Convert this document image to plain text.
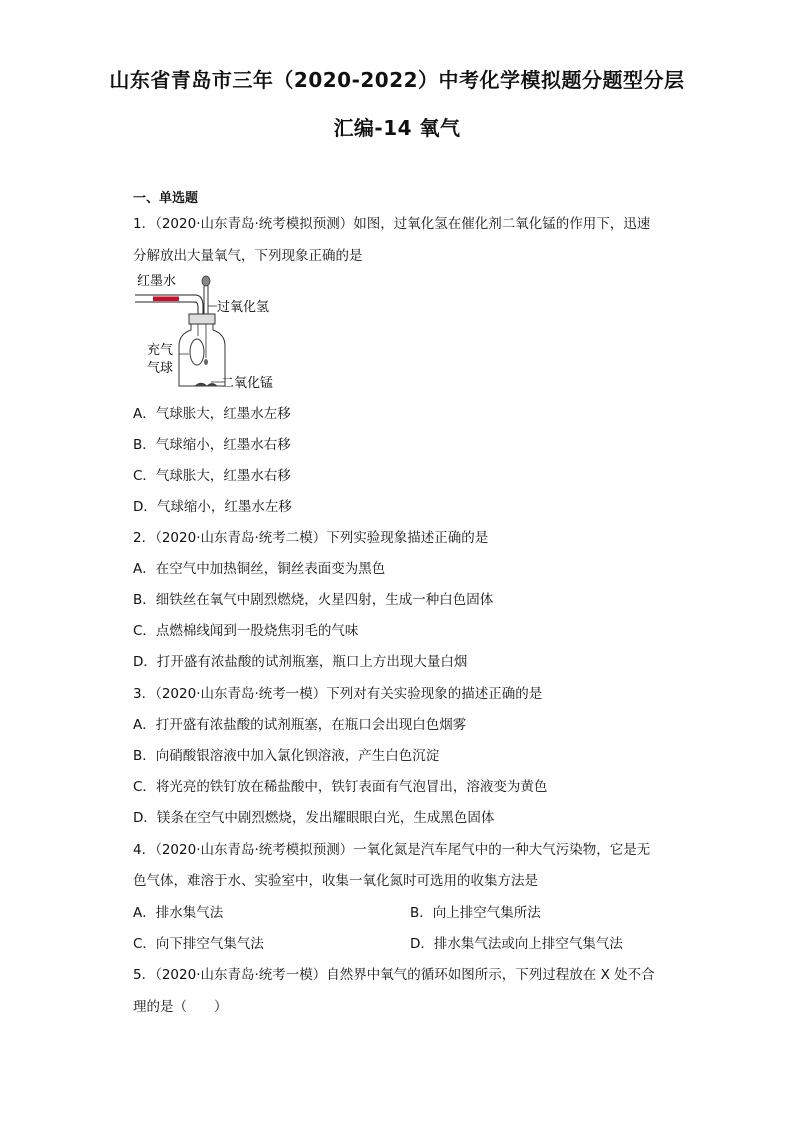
山东省青岛市三年（2020-2022）中考化学模拟题分题型分层
汇编-14 氧气
一、单选题
1．（2020·山东青岛·统考模拟预测）如图，过氧化氢在催化剂二氧化锰的作用下，迅速
分解放出大量氧气，下列现象正确的是
红墨水
过氧化氢
充气
气球
二氧化锰
A．气球胀大，红墨水左移
B．气球缩小，红墨水右移
C．气球胀大，红墨水右移
D．气球缩小，红墨水左移
2．（2020·山东青岛·统考二模）下列实验现象描述正确的是
A．在空气中加热铜丝，铜丝表面变为黑色
B．细铁丝在氧气中剧烈燃烧，火星四射，生成一种白色固体
C．点燃棉线闻到一股烧焦羽毛的气味
D．打开盛有浓盐酸的试剂瓶塞，瓶口上方出现大量白烟
3．（2020·山东青岛·统考一模）下列对有关实验现象的描述正确的是
A．打开盛有浓盐酸的试剂瓶塞，在瓶口会出现白色烟雾
B．向硝酸银溶液中加入氯化钡溶液，产生白色沉淀
C．将光亮的铁钉放在稀盐酸中，铁钉表面有气泡冒出，溶液变为黄色
D．镁条在空气中剧烈燃烧，发出耀眼眼白光，生成黑色固体
4．（2020·山东青岛·统考模拟预测）一氧化氮是汽车尾气中的一种大气污染物，它是无
色气体，难溶于水、实验室中，收集一氧化氮时可选用的收集方法是
A．排水集气法	B．向上排空气集所法
C．向下排空气集气法	D．排水集气法或向上排空气集气法
5．（2020·山东青岛·统考一模）自然界中氧气的循环如图所示，下列过程放在 X 处不合
理的是（　　）
